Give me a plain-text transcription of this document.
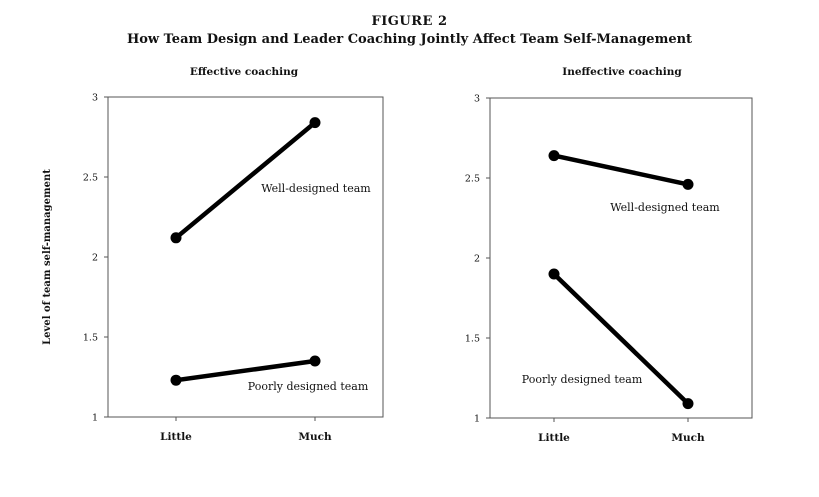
FIGURE 2
How Team Design and Leader Coaching Jointly Affect Team Self-Management
Effective coaching
1
1.5
2
2.5
3
Little	Much
Level of team self-management	Well-designed team
Poorly designed team
Ineffective coaching
1
1.5
2
2.5
3
Little	Much
Well-designed team
Poorly designed team
